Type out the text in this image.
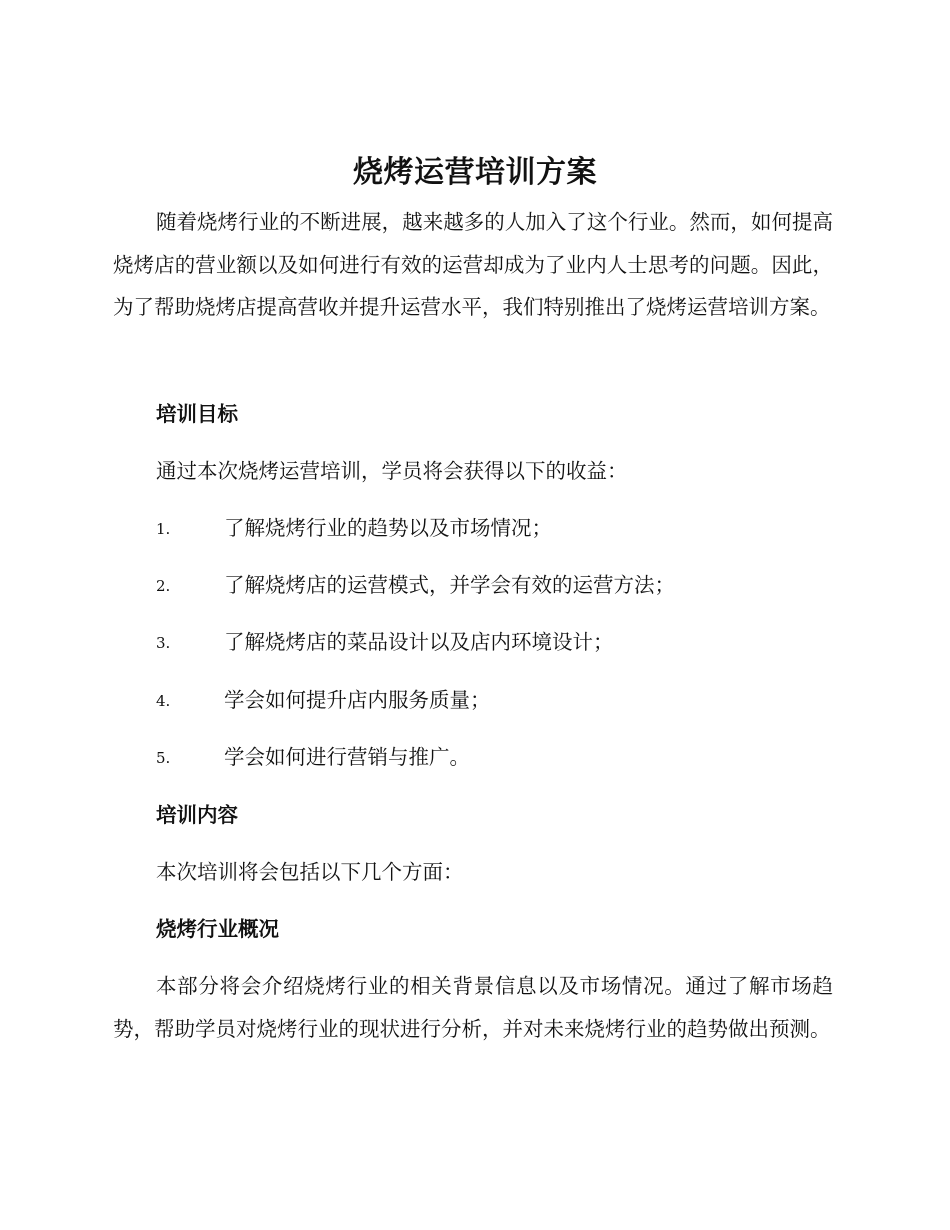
烧烤运营培训方案

随着烧烤行业的不断进展，越来越多的人加入了这个行业。然而，如何提高烧烤店的营业额以及如何进行有效的运营却成为了业内人士思考的问题。因此，为了帮助烧烤店提高营收并提升运营水平，我们特别推出了烧烤运营培训方案。

培训目标
通过本次烧烤运营培训，学员将会获得以下的收益：
1.	了解烧烤行业的趋势以及市场情况；
2.	了解烧烤店的运营模式，并学会有效的运营方法；
3.	了解烧烤店的菜品设计以及店内环境设计；
4.	学会如何提升店内服务质量；
5.	学会如何进行营销与推广。
培训内容
本次培训将会包括以下几个方面：
烧烤行业概况

本部分将会介绍烧烤行业的相关背景信息以及市场情况。通过了解市场趋势，帮助学员对烧烤行业的现状进行分析，并对未来烧烤行业的趋势做出预测。
